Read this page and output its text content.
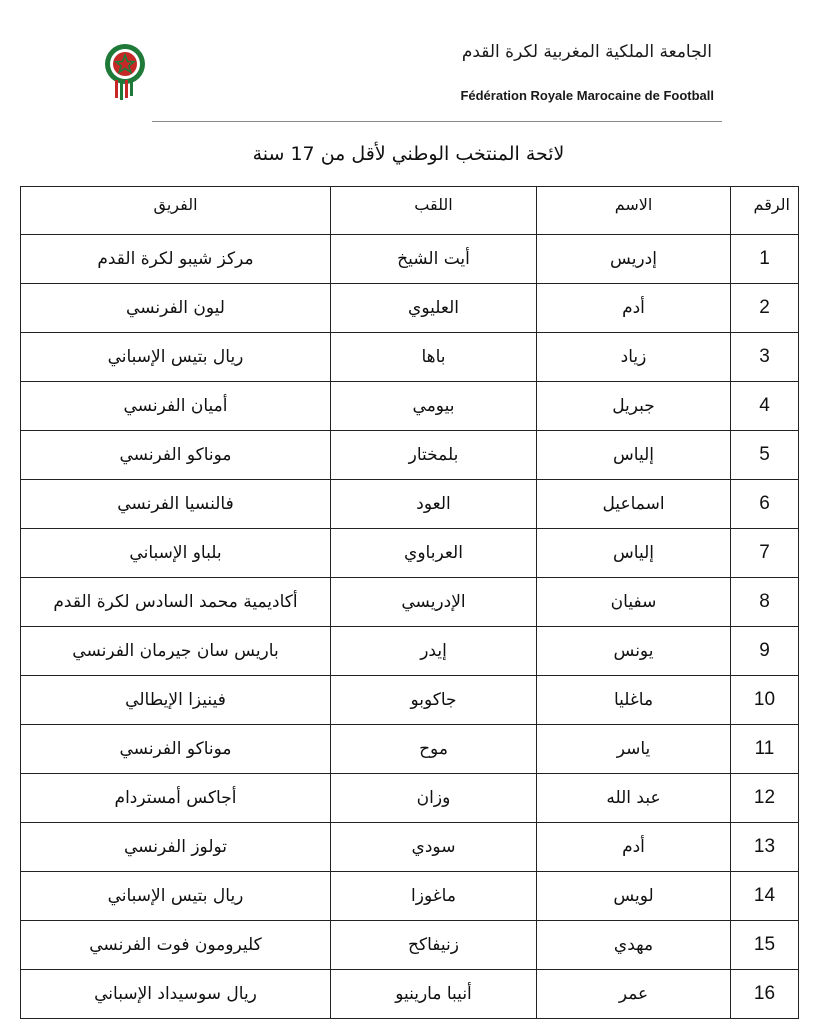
الجامعة الملكية المغربية لكرة القدم
Fédération Royale Marocaine de Football
لائحة المنتخب الوطني لأقل من 17 سنة
الرقم	الاسم	اللقب	الفريق
1	إدريس	أيت الشيخ	مركز شيبو لكرة القدم
2	أدم	العليوي	ليون الفرنسي
3	زياد	باها	ريال بتيس الإسباني
4	جبريل	بيومي	أميان الفرنسي
5	إلياس	بلمختار	موناكو الفرنسي
6	اسماعيل	العود	فالنسيا الفرنسي
7	إلياس	العرباوي	بلباو الإسباني
8	سفيان	الإدريسي	أكاديمية محمد السادس لكرة القدم
9	يونس	إيدر	باريس سان جيرمان الفرنسي
10	ماغليا	جاكوبو	فينيزا الإيطالي
11	ياسر	موح	موناكو الفرنسي
12	عبد الله	وزان	أجاكس أمستردام
13	أدم	سودي	تولوز الفرنسي
14	لويس	ماغوزا	ريال بتيس الإسباني
15	مهدي	زنيفاكح	كليرومون فوت الفرنسي
16	عمر	أنيبا مارينيو	ريال سوسيداد الإسباني
